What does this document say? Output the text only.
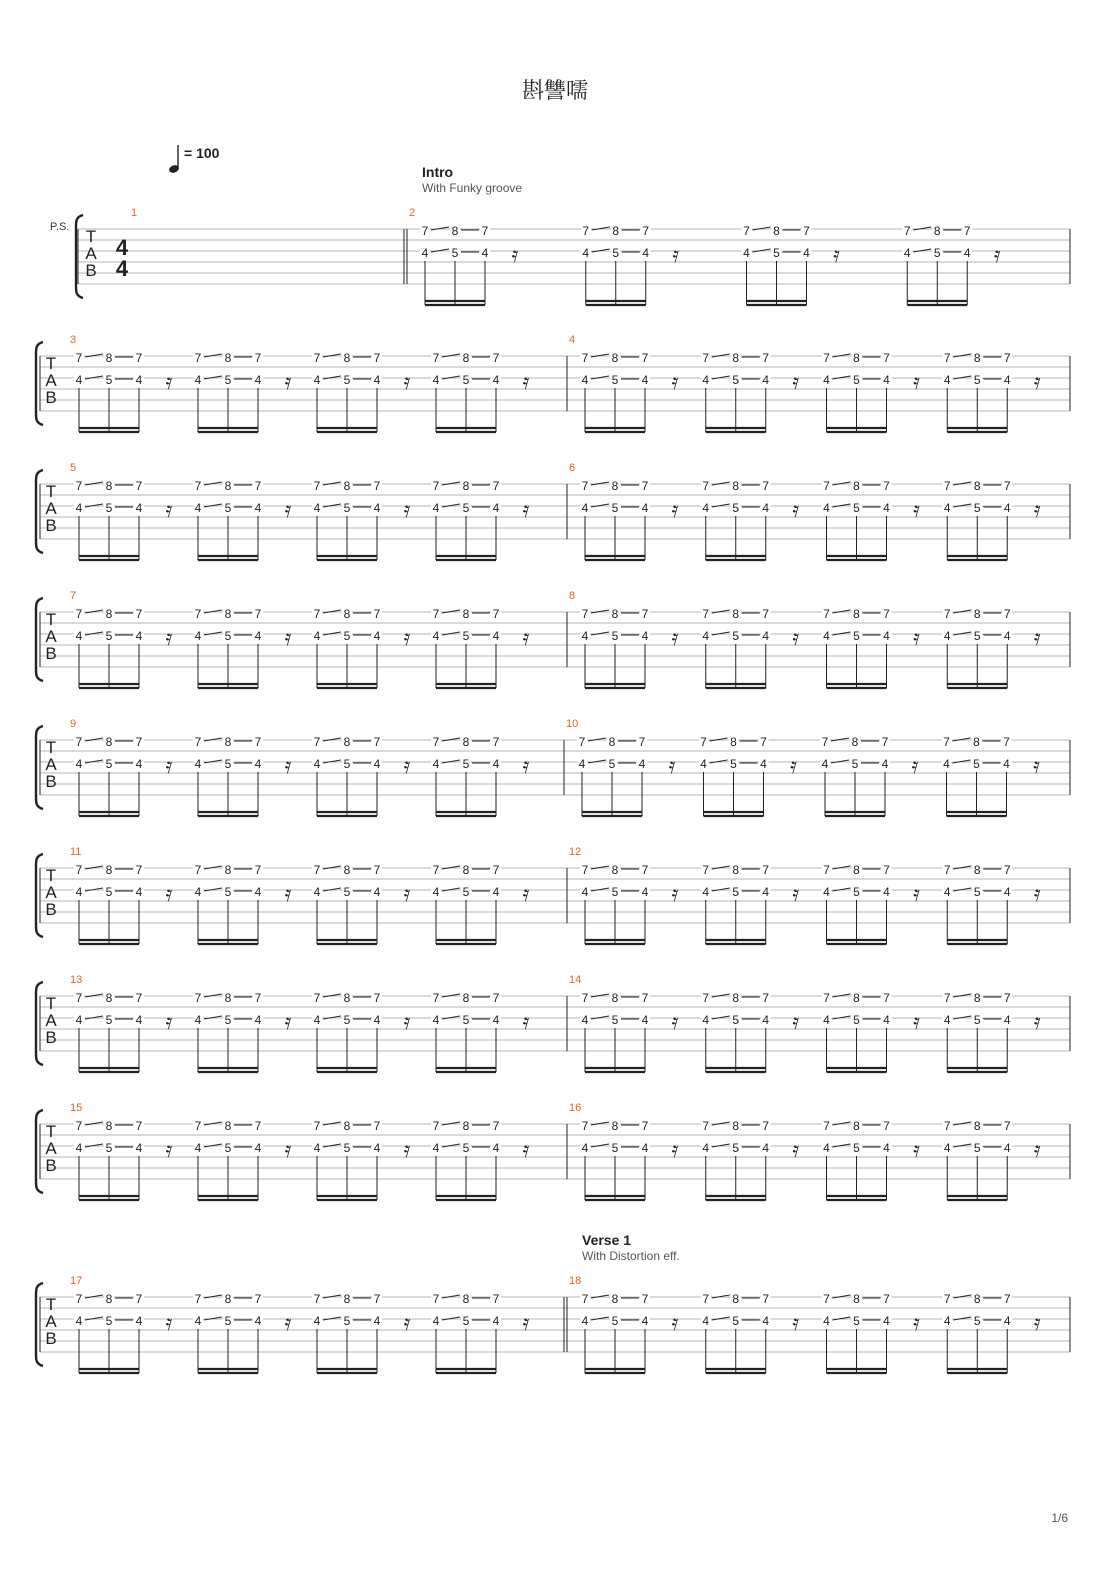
斟讐嚅
= 100
P.S.
Intro
With Funky groove
Verse 1
With Distortion eff.
T
A
B
4
4
1	2
7
4
8
5
7
4 𝄿
7
4
8
5
7
4 𝄿
7
4
8
5
7
4 𝄿
7
4
8
5
7
4 𝄿
T
A
B
3
7
4
8
5
7
4 𝄿
7
4
8
5
7
4 𝄿
7
4
8
5
7
4 𝄿
7
4
8
5
7
4 𝄿
4
7
4
8
5
7
4 𝄿
7
4
8
5
7
4 𝄿
7
4
8
5
7
4 𝄿
7
4
8
5
7
4 𝄿
T
A
B
5
7
4
8
5
7
4 𝄿
7
4
8
5
7
4 𝄿
7
4
8
5
7
4 𝄿
7
4
8
5
7
4 𝄿
6
7
4
8
5
7
4 𝄿
7
4
8
5
7
4 𝄿
7
4
8
5
7
4 𝄿
7
4
8
5
7
4 𝄿
T
A
B
7
7
4
8
5
7
4 𝄿
7
4
8
5
7
4 𝄿
7
4
8
5
7
4 𝄿
7
4
8
5
7
4 𝄿
8
7
4
8
5
7
4 𝄿
7
4
8
5
7
4 𝄿
7
4
8
5
7
4 𝄿
7
4
8
5
7
4 𝄿
T
A
B
9
7
4
8
5
7
4 𝄿
7
4
8
5
7
4 𝄿
7
4
8
5
7
4 𝄿
7
4
8
5
7
4 𝄿
10
7
4
8
5
7
4 𝄿
7
4
8
5
7
4 𝄿
7
4
8
5
7
4 𝄿
7
4
8
5
7
4 𝄿
T
A
B
11
7
4
8
5
7
4 𝄿
7
4
8
5
7
4 𝄿
7
4
8
5
7
4 𝄿
7
4
8
5
7
4 𝄿
12
7
4
8
5
7
4 𝄿
7
4
8
5
7
4 𝄿
7
4
8
5
7
4 𝄿
7
4
8
5
7
4 𝄿
T
A
B
13
7
4
8
5
7
4 𝄿
7
4
8
5
7
4 𝄿
7
4
8
5
7
4 𝄿
7
4
8
5
7
4 𝄿
14
7
4
8
5
7
4 𝄿
7
4
8
5
7
4 𝄿
7
4
8
5
7
4 𝄿
7
4
8
5
7
4 𝄿
T
A
B
15
7
4
8
5
7
4 𝄿
7
4
8
5
7
4 𝄿
7
4
8
5
7
4 𝄿
7
4
8
5
7
4 𝄿
16
7
4
8
5
7
4 𝄿
7
4
8
5
7
4 𝄿
7
4
8
5
7
4 𝄿
7
4
8
5
7
4 𝄿
T
A
B
17
7
4
8
5
7
4 𝄿
7
4
8
5
7
4 𝄿
7
4
8
5
7
4 𝄿
7
4
8
5
7
4 𝄿
18
7
4
8
5
7
4 𝄿
7
4
8
5
7
4 𝄿
7
4
8
5
7
4 𝄿
7
4
8
5
7
4 𝄿
1/6
